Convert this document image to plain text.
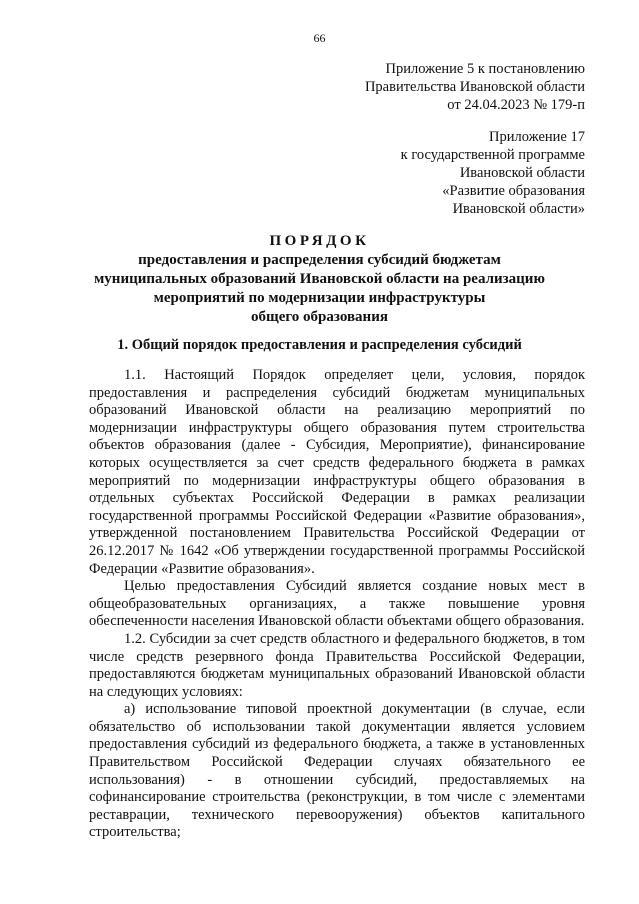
66
Приложение 5 к постановлению
Правительства Ивановской области
от 24.04.2023 № 179-п
Приложение 17
к государственной программе
Ивановской области
«Развитие образования
Ивановской области»
ПОРЯДОК
предоставления и распределения субсидий бюджетам
муниципальных образований Ивановской области на реализацию
мероприятий по модернизации инфраструктуры
общего образования
1. Общий порядок предоставления и распределения субсидий

1.1. Настоящий Порядок определяет цели, условия, порядок предоставления и распределения субсидий бюджетам муниципальных образований Ивановской области на реализацию мероприятий по модернизации инфраструктуры общего образования путем строительства объектов образования (далее - Субсидия, Мероприятие), финансирование которых осуществляется за счет средств федерального бюджета в рамках мероприятий по модернизации инфраструктуры общего образования в отдельных субъектах Российской Федерации в рамках реализации государственной программы Российской Федерации «Развитие образования», утвержденной постановлением Правительства Российской Федерации от 26.12.2017 № 1642 «Об утверждении государственной программы Российской Федерации «Развитие образования».

Целью предоставления Субсидий является создание новых мест в общеобразовательных организациях, а также повышение уровня обеспеченности населения Ивановской области объектами общего образования.

1.2. Субсидии за счет средств областного и федерального бюджетов, в том числе средств резервного фонда Правительства Российской Федерации, предоставляются бюджетам муниципальных образований Ивановской области на следующих условиях:

а) использование типовой проектной документации (в случае, если обязательство об использовании такой документации является условием предоставления субсидий из федерального бюджета, а также в установленных Правительством Российской Федерации случаях обязательного ее использования) - в отношении субсидий, предоставляемых на софинансирование строительства (реконструкции, в том числе с элементами реставрации, технического перевооружения) объектов капитального строительства;
